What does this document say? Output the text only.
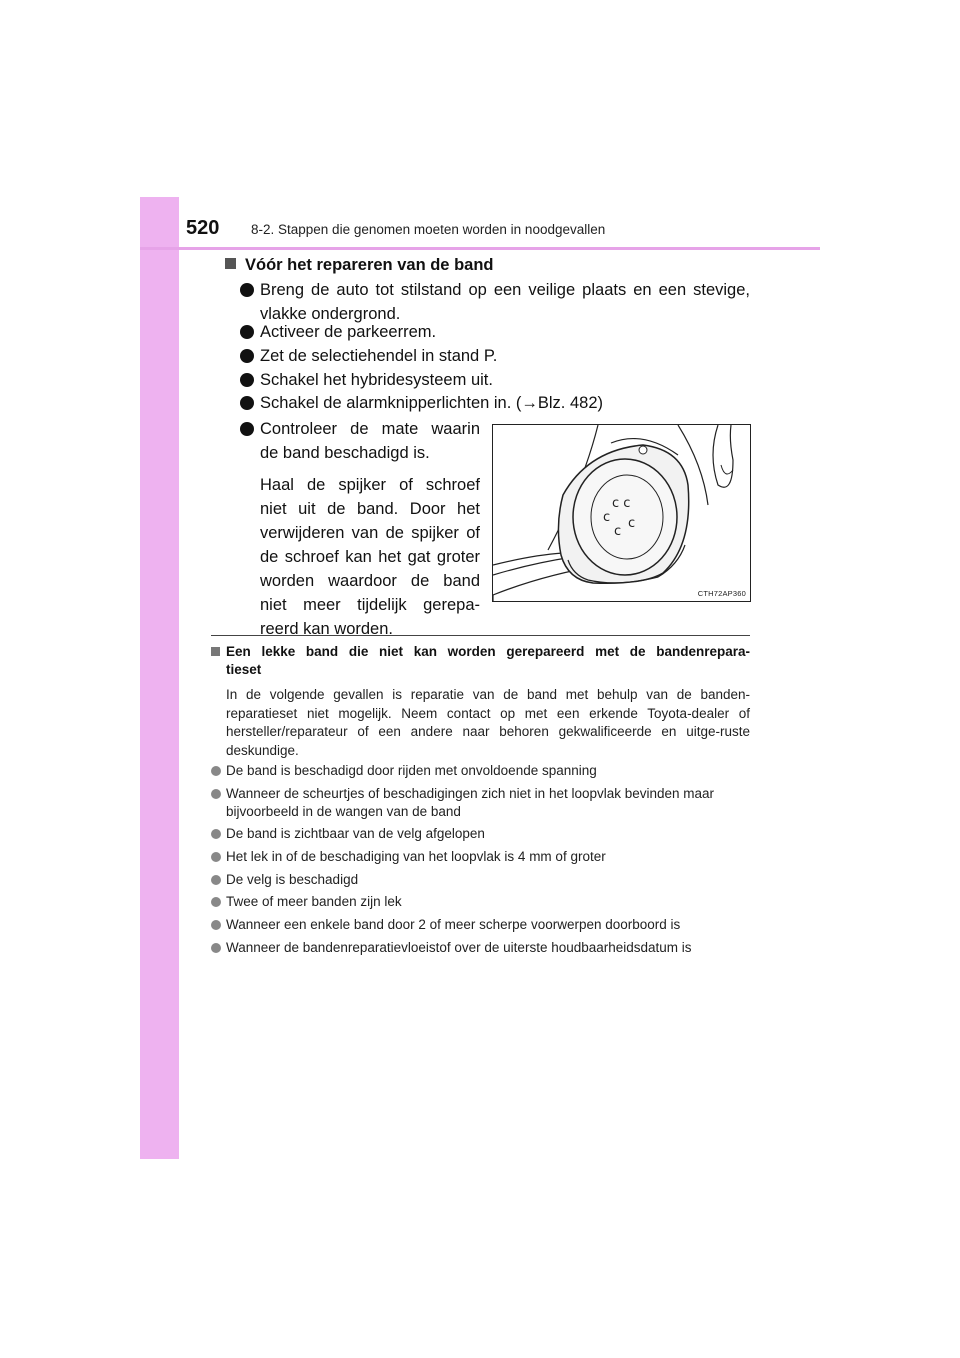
520 8-2. Stappen die genomen moeten worden in noodgevallen
Vóór het repareren van de band
Breng de auto tot stilstand op een veilige plaats en een stevige,
vlakke ondergrond.
Activeer de parkeerrem.
Zet de selectiehendel in stand P.
Schakel het hybridesysteem uit.
Schakel de alarmknipperlichten in. (→Blz. 482)
Controleer de mate waarin
de band beschadigd is.
Haal de spijker of schroef
niet uit de band. Door het
verwijderen van de spijker of
de schroef kan het gat groter
worden waardoor de band
niet meer tijdelijk gerepa-
reerd kan worden.
c c
c c
c
CTH72AP360
Een lekke band die niet kan worden gerepareerd met de bandenrepara-
tieset
In de volgende gevallen is reparatie van de band met behulp van de banden-reparatieset niet mogelijk. Neem contact op met een erkende Toyota-dealer of hersteller/reparateur of een andere naar behoren gekwalificeerde en uitge-ruste deskundige.
De band is beschadigd door rijden met onvoldoende spanning
Wanneer de scheurtjes of beschadigingen zich niet in het loopvlak bevinden maar bijvoorbeeld in de wangen van de band
De band is zichtbaar van de velg afgelopen
Het lek in of de beschadiging van het loopvlak is 4 mm of groter
De velg is beschadigd
Twee of meer banden zijn lek
Wanneer een enkele band door 2 of meer scherpe voorwerpen doorboord is
Wanneer de bandenreparatievloeistof over de uiterste houdbaarheidsdatum is
